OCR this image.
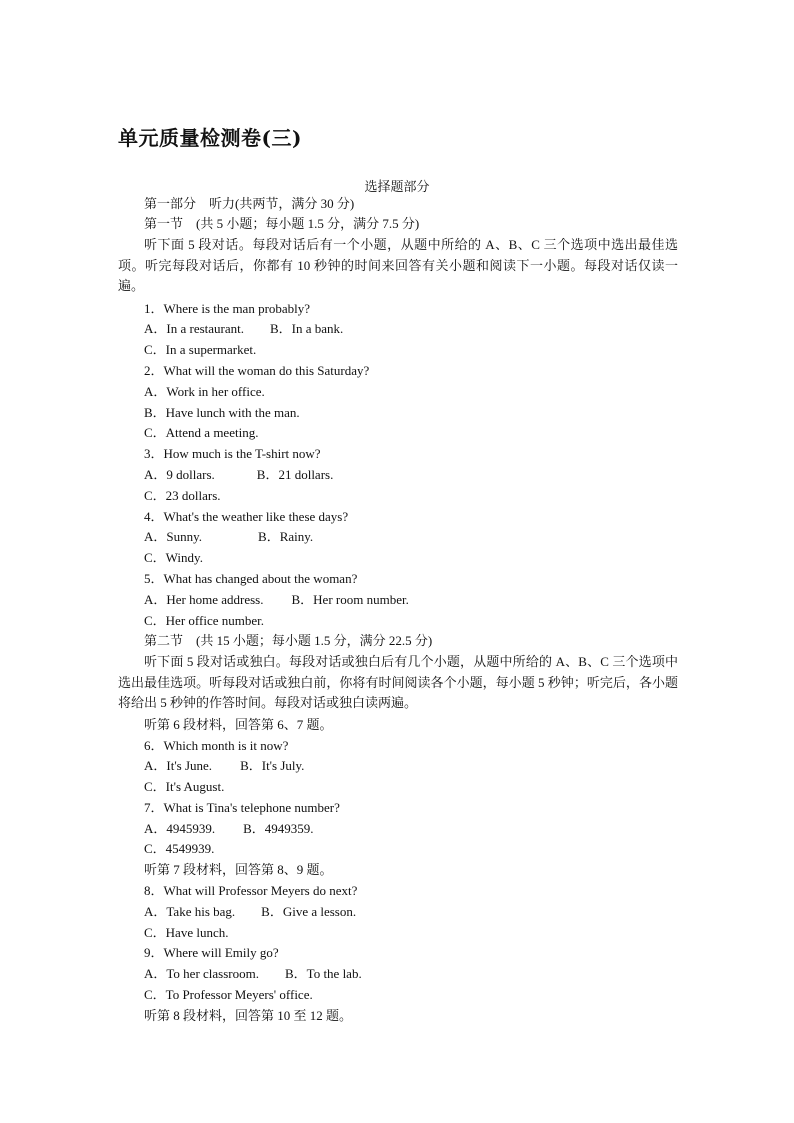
单元质量检测卷(三)
选择题部分
第一部分　听力(共两节，满分 30 分)
第一节　(共 5 小题；每小题 1.5 分，满分 7.5 分)
听下面 5 段对话。每段对话后有一个小题，从题中所给的 A、B、C 三个选项中选出最佳选项。听完每段对话后，你都有 10 秒钟的时间来回答有关小题和阅读下一小题。每段对话仅读一遍。
1．Where is the man probably?
A．In a restaurant. B．In a bank.
C．In a supermarket.
2．What will the woman do this Saturday?
A．Work in her office.
B．Have lunch with the man.
C．Attend a meeting.
3．How much is the T-shirt now?
A．9 dollars.	B．21 dollars.
C．23 dollars.
4．What's the weather like these days?
A．Sunny.	B．Rainy.
C．Windy.
5．What has changed about the woman?
A．Her home address. B．Her room number.
C．Her office number.
第二节　(共 15 小题；每小题 1.5 分，满分 22.5 分)
听下面 5 段对话或独白。每段对话或独白后有几个小题，从题中所给的 A、B、C 三个选项中选出最佳选项。听每段对话或独白前，你将有时间阅读各个小题，每小题 5 秒钟；听完后，各小题将给出 5 秒钟的作答时间。每段对话或独白读两遍。
听第 6 段材料，回答第 6、7 题。
6．Which month is it now?
A．It's June. B．It's July.
C．It's August.
7．What is Tina's telephone number?
A．4945939. B．4949359.
C．4549939.
听第 7 段材料，回答第 8、9 题。
8．What will Professor Meyers do next?
A．Take his bag. B．Give a lesson.
C．Have lunch.
9．Where will Emily go?
A．To her classroom. B．To the lab.
C．To Professor Meyers' office.
听第 8 段材料，回答第 10 至 12 题。
